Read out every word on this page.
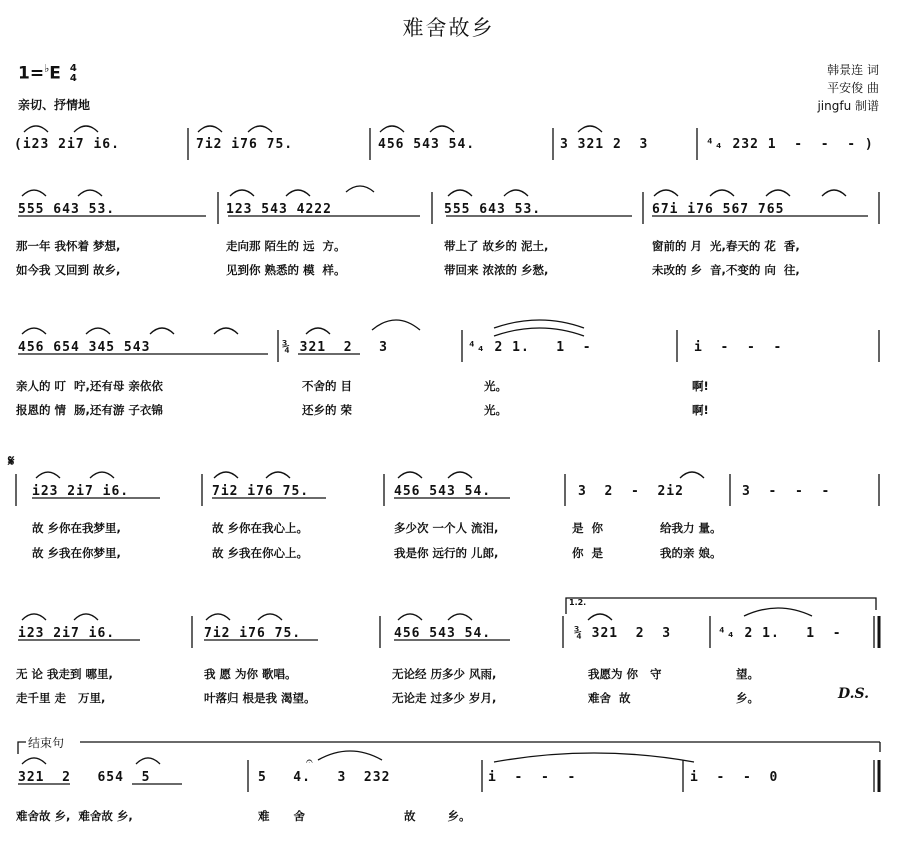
难舍故乡
韩景连 词
平安俊 曲
jingfu 制谱
1=♭E 4
4
亲切、抒情地
(i23 2i7 i6.	7i2 i76 75.	456 543 54.	3 321 2  3	⁴₄ 232 1  -  -  - )
555 643 53.	123 543 4222	555 643 53.	67i i76 567 765
那一年 我怀着 梦想,	走向那 陌生的 远  方。	带上了 故乡的 泥土,	窗前的 月  光,春天的 花  香,
如今我 又回到 故乡,	见到你 熟悉的 模  样。	带回来 浓浓的 乡愁,	未改的 乡  音,不变的 向  往,
456 654 345 543	¾ 321  2   3	⁴₄ 2 1.   1  -	i  -  -  -
亲人的 叮  咛,还有母 亲依依	不舍的 目	光。	啊!
报恩的 情  肠,还有游 子衣锦	还乡的 荣	光。	啊!
𝄋
i23 2i7 i6.	7i2 i76 75.	456 543 54.	3  2  -  2i2	3  -  -  -
故 乡你在我梦里,	故 乡你在我心上。	多少次 一个人 流泪,	是  你	给我力 量。
故 乡我在你梦里,	故 乡我在你心上。	我是你 远行的 儿郎,	你  是	我的亲 娘。
i23 2i7 i6.	7i2 i76 75.	456 543 54.	¾ 321  2  3	⁴₄ 2 1.   1  -
1.2.
无 论 我走到 哪里,	我 愿 为你 歌唱。	无论经 历多少 风雨,	我愿为 你   守	望。
走千里 走   万里,	叶落归 根是我 渴望。	无论走 过多少 岁月,	难舍  故	乡。	D.S.
结束句
𝄐
321  2   654  5	5   4.   3  232	i  -  -  -	i  -  -  0
难舍故 乡,  难舍故 乡,	难      舍	故        乡。
